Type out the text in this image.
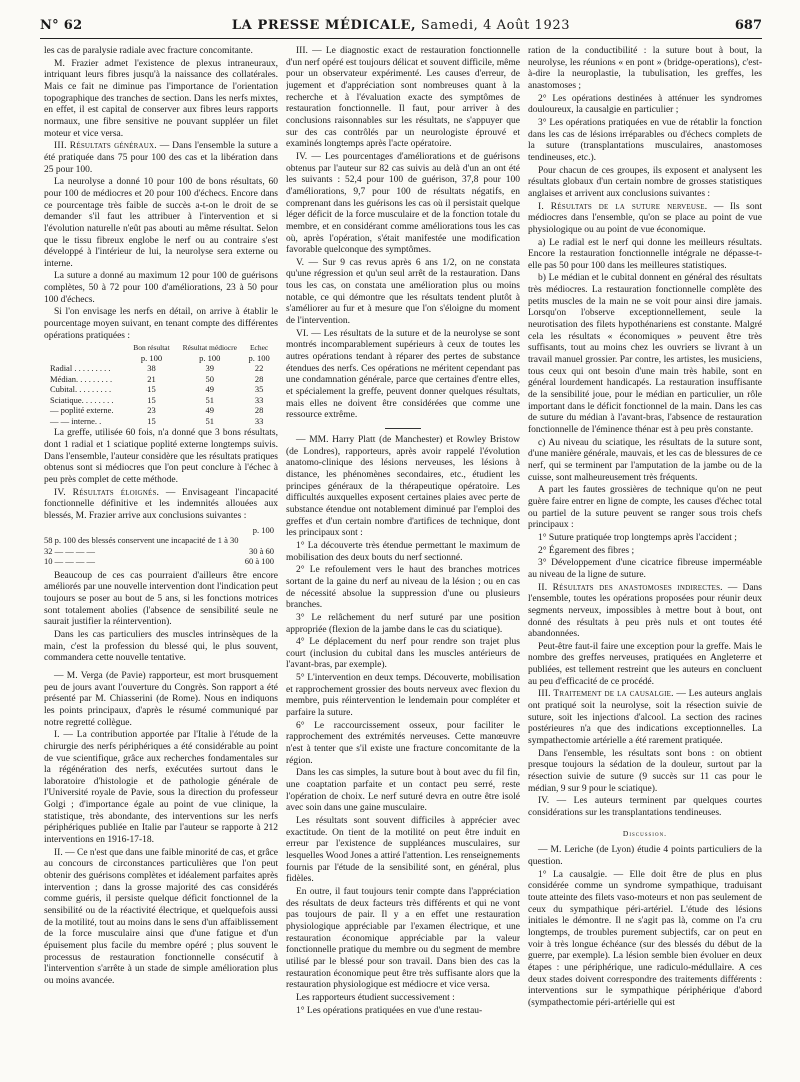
N° 62	LA PRESSE MÉDICALE, Samedi, 4 Août 1923	687

les cas de paralysie radiale avec fracture concomitante.

M. Frazier admet l'existence de plexus intraneuraux, intriquant leurs fibres jusqu'à la naissance des collatérales. Mais ce fait ne diminue pas l'importance de l'orientation topographique des tranches de section. Dans les nerfs mixtes, en effet, il est capital de conserver aux fibres leurs rapports normaux, une fibre sensitive ne pouvant suppléer un filet moteur et vice versa.

III. Résultats généraux. — Dans l'ensemble la suture a été pratiquée dans 75 pour 100 des cas et la libération dans 25 pour 100.

La neurolyse a donné 10 pour 100 de bons résultats, 60 pour 100 de médiocres et 20 pour 100 d'échecs. Encore dans ce pourcentage très faible de succès a-t-on le droit de se demander s'il faut les attribuer à l'intervention et si l'évolution naturelle n'eût pas abouti au même résultat. Selon que le tissu fibreux englobe le nerf ou au contraire s'est développé à l'intérieur de lui, la neurolyse sera externe ou interne.

La suture a donné au maximum 12 pour 100 de guérisons complètes, 50 à 72 pour 100 d'améliorations, 23 à 50 pour 100 d'échecs.

Si l'on envisage les nerfs en détail, on arrive à établir le pourcentage moyen suivant, en tenant compte des différentes opérations pratiquées :

	Bon résultat	Résultat médiocre	Echec
	p. 100	p. 100	p. 100
Radial . . . . . . . . .	38	39	22
Médian. . . . . . . . .	21	50	28
Cubital. . . . . . . . .	15	49	35
Sciatique. . . . . . . .	15	51	33
— poplité externe.	23	49	28
— — interne. .	15	51	33

La greffe, utilisée 60 fois, n'a donné que 3 bons résultats, dont 1 radial et 1 sciatique poplité externe longtemps suivis. Dans l'ensemble, l'auteur considère que les résultats pratiques obtenus sont si médiocres que l'on peut conclure à l'échec à peu près complet de cette méthode.

IV. Résultats éloignés. — Envisageant l'incapacité fonctionnelle définitive et les indemnités allouées aux blessés, M. Frazier arrive aux conclusions suivantes :

p. 100
58 p. 100 des blessés conservent une incapacité de 1 à 30
32 — — — —	30 à 60
10 — — — —	60 à 100

Beaucoup de ces cas pourraient d'ailleurs être encore améliorés par une nouvelle intervention dont l'indication peut toujours se poser au bout de 5 ans, si les fonctions motrices sont totalement abolies (l'absence de sensibilité seule ne saurait justifier la réintervention).

Dans les cas particuliers des muscles intrinsèques de la main, c'est la profession du blessé qui, le plus souvent, commandera cette nouvelle tentative.

— M. Verga (de Pavie) rapporteur, est mort brusquement peu de jours avant l'ouverture du Congrès. Son rapport a été présenté par M. Chiasserini (de Rome). Nous en indiquons les points principaux, d'après le résumé communiqué par notre regretté collègue.

I. — La contribution apportée par l'Italie à l'étude de la chirurgie des nerfs périphériques a été considérable au point de vue scientifique, grâce aux recherches fondamentales sur la régénération des nerfs, exécutées surtout dans le laboratoire d'histologie et de pathologie générale de l'Université royale de Pavie, sous la direction du professeur Golgi ; d'importance égale au point de vue clinique, la statistique, très abondante, des interventions sur les nerfs périphériques publiée en Italie par l'auteur se rapporte à 212 interventions en 1916-17-18.

II. — Ce n'est que dans une faible minorité de cas, et grâce au concours de circonstances particulières que l'on peut obtenir des guérisons complètes et idéalement parfaites après intervention ; dans la grosse majorité des cas considérés comme guéris, il persiste quelque déficit fonctionnel de la sensibilité ou de la réactivité électrique, et quelquefois aussi de la motilité, tout au moins dans le sens d'un affaiblissement de la force musculaire ainsi que d'une fatigue et d'un épuisement plus facile du membre opéré ; plus souvent le processus de restauration fonctionnelle consécutif à l'intervention s'arrête à un stade de simple amélioration plus ou moins avancée.

III. — Le diagnostic exact de restauration fonctionnelle d'un nerf opéré est toujours délicat et souvent difficile, même pour un observateur expérimenté. Les causes d'erreur, de jugement et d'appréciation sont nombreuses quant à la recherche et à l'évaluation exacte des symptômes de restauration fonctionnelle. Il faut, pour arriver à des conclusions raisonnables sur les résultats, ne s'appuyer que sur des cas contrôlés par un neurologiste éprouvé et examinés longtemps après l'acte opératoire.

IV. — Les pourcentages d'améliorations et de guérisons obtenus par l'auteur sur 82 cas suivis au delà d'un an ont été les suivants : 52,4 pour 100 de guérison, 37,8 pour 100 d'améliorations, 9,7 pour 100 de résultats négatifs, en comprenant dans les guérisons les cas où il persistait quelque léger déficit de la force musculaire et de la fonction totale du membre, et en considérant comme améliorations tous les cas où, après l'opération, s'était manifestée une modification favorable quelconque des symptômes.

V. — Sur 9 cas revus après 6 ans 1/2, on ne constata qu'une régression et qu'un seul arrêt de la restauration. Dans tous les cas, on constata une amélioration plus ou moins notable, ce qui démontre que les résultats tendent plutôt à s'améliorer au fur et à mesure que l'on s'éloigne du moment de l'intervention.

VI. — Les résultats de la suture et de la neurolyse se sont montrés incomparablement supérieurs à ceux de toutes les autres opérations tendant à réparer des pertes de substance étendues des nerfs. Ces opérations ne méritent cependant pas une condamnation générale, parce que certaines d'entre elles, et spécialement la greffe, peuvent donner quelques résultats, mais elles ne doivent être considérées que comme une ressource extrême.

— MM. Harry Platt (de Manchester) et Rowley Bristow (de Londres), rapporteurs, après avoir rappelé l'évolution anatomo-clinique des lésions nerveuses, les lésions à distance, les phénomènes secondaires, etc., étudient les principes généraux de la thérapeutique opératoire. Les difficultés auxquelles exposent certaines plaies avec perte de substance étendue ont notablement diminué par l'emploi des greffes et d'un certain nombre d'artifices de technique, dont les principaux sont :

1° La découverte très étendue permettant le maximum de mobilisation des deux bouts du nerf sectionné.

2° Le refoulement vers le haut des branches motrices sortant de la gaine du nerf au niveau de la lésion ; ou en cas de nécessité absolue la suppression d'une ou plusieurs branches.

3° Le relâchement du nerf suturé par une position appropriée (flexion de la jambe dans le cas du sciatique).

4° Le déplacement du nerf pour rendre son trajet plus court (inclusion du cubital dans les muscles antérieurs de l'avant-bras, par exemple).

5° L'intervention en deux temps. Découverte, mobilisation et rapprochement grossier des bouts nerveux avec flexion du membre, puis réintervention le lendemain pour compléter et parfaire la suture.

6° Le raccourcissement osseux, pour faciliter le rapprochement des extrémités nerveuses. Cette manœuvre n'est à tenter que s'il existe une fracture concomitante de la région.

Dans les cas simples, la suture bout à bout avec du fil fin, une coaptation parfaite et un contact peu serré, reste l'opération de choix. Le nerf suturé devra en outre être isolé avec soin dans une gaine musculaire.

Les résultats sont souvent difficiles à apprécier avec exactitude. On tient de la motilité on peut être induit en erreur par l'existence de suppléances musculaires, sur lesquelles Wood Jones a attiré l'attention. Les renseignements fournis par l'étude de la sensibilité sont, en général, plus fidèles.

En outre, il faut toujours tenir compte dans l'appréciation des résultats de deux facteurs très différents et qui ne vont pas toujours de pair. Il y a en effet une restauration physiologique appréciable par l'examen électrique, et une restauration économique appréciable par la valeur fonctionnelle pratique du membre ou du segment de membre utilisé par le blessé pour son travail. Dans bien des cas la restauration économique peut être très suffisante alors que la restauration physiologique est médiocre et vice versa.

Les rapporteurs étudient successivement :

1° Les opérations pratiquées en vue d'une restau-

ration de la conductibilité : la suture bout à bout, la neurolyse, les réunions « en pont » (bridge-operations), c'est-à-dire la neuroplastie, la tubulisation, les greffes, les anastomoses ;

2° Les opérations destinées à atténuer les syndromes douloureux, la causalgie en particulier ;

3° Les opérations pratiquées en vue de rétablir la fonction dans les cas de lésions irréparables ou d'échecs complets de la suture (transplantations musculaires, anastomoses tendineuses, etc.).

Pour chacun de ces groupes, ils exposent et analysent les résultats globaux d'un certain nombre de grosses statistiques anglaises et arrivent aux conclusions suivantes :

I. Résultats de la suture nerveuse. — Ils sont médiocres dans l'ensemble, qu'on se place au point de vue physiologique ou au point de vue économique.

a) Le radial est le nerf qui donne les meilleurs résultats. Encore la restauration fonctionnelle intégrale ne dépasse-t-elle pas 50 pour 100 dans les meilleures statistiques.

b) Le médian et le cubital donnent en général des résultats très médiocres. La restauration fonctionnelle complète des petits muscles de la main ne se voit pour ainsi dire jamais. Lorsqu'on l'observe exceptionnellement, seule la neurotisation des filets hypothénariens est constante. Malgré cela les résultats « économiques » peuvent être très suffisants, tout au moins chez les ouvriers se livrant à un travail manuel grossier. Par contre, les artistes, les musiciens, tous ceux qui ont besoin d'une main très habile, sont en général lourdement handicapés. La restauration insuffisante de la sensibilité joue, pour le médian en particulier, un rôle important dans le déficit fonctionnel de la main. Dans les cas de suture du médian à l'avant-bras, l'absence de restauration fonctionnelle de l'éminence thénar est à peu près constante.

c) Au niveau du sciatique, les résultats de la suture sont, d'une manière générale, mauvais, et les cas de blessures de ce nerf, qui se terminent par l'amputation de la jambe ou de la cuisse, sont malheureusement très fréquents.

A part les fautes grossières de technique qu'on ne peut guère faire entrer en ligne de compte, les causes d'échec total ou partiel de la suture peuvent se ranger sous trois chefs principaux :

1° Suture pratiquée trop longtemps après l'accident ;

2° Égarement des fibres ;

3° Développement d'une cicatrice fibreuse imperméable au niveau de la ligne de suture.

II. Résultats des anastomoses indirectes. — Dans l'ensemble, toutes les opérations proposées pour réunir deux segments nerveux, impossibles à mettre bout à bout, ont donné des résultats à peu près nuls et ont toutes été abandonnées.

Peut-être faut-il faire une exception pour la greffe. Mais le nombre des greffes nerveuses, pratiquées en Angleterre et publiées, est tellement restreint que les auteurs en concluent au peu d'efficacité de ce procédé.

III. Traitement de la causalgie. — Les auteurs anglais ont pratiqué soit la neurolyse, soit la résection suivie de suture, soit les injections d'alcool. La section des racines postérieures n'a que des indications exceptionnelles. La sympathectomie artérielle a été rarement pratiquée.

Dans l'ensemble, les résultats sont bons : on obtient presque toujours la sédation de la douleur, surtout par la résection suivie de suture (9 succès sur 11 cas pour le médian, 9 sur 9 pour le sciatique).

IV. — Les auteurs terminent par quelques courtes considérations sur les transplantations tendineuses.

Discussion.

— M. Leriche (de Lyon) étudie 4 points particuliers de la question.

1° La causalgie. — Elle doit être de plus en plus considérée comme un syndrome sympathique, traduisant toute atteinte des filets vaso-moteurs et non pas seulement de ceux du sympathique péri-artériel. L'étude des lésions initiales le démontre. Il ne s'agit pas là, comme on l'a cru longtemps, de troubles purement subjectifs, car on peut en voir à très longue échéance (sur des blessés du début de la guerre, par exemple). La lésion semble bien évoluer en deux étapes : une périphérique, une radiculo-médullaire. A ces deux stades doivent correspondre des traitements différents : interventions sur le sympathique périphérique d'abord (sympathectomie péri-artérielle qui est
